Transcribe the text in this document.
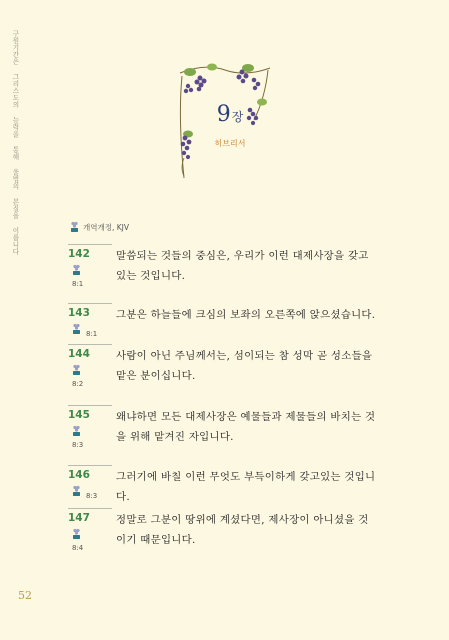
구원기간은 그리스도의 능력을 통해 율법의 본질을 이룹니다	9 장
히브리서
개역개정, KJV
142
8:1
말씀되는 것들의 중심은, 우리가 이런 대제사장을 갖고있는 것입니다.
143
8:1
그분은 하늘들에 크심의 보좌의 오른쪽에 앉으셨습니다.
144
8:2
사람이 아닌 주님께서는, 섬이되는 참 성막 곧 성소들을 맡은 분이십니다.
145
8:3
왜냐하면 모든 대제사장은 예물들과 제물들의 바치는 것을 위해 맡겨진 자입니다.
146
8:3
그러기에 바칠 이런 무엇도 부득이하게 갖고있는 것입니다.
147
8:4
정말로 그분이 땅위에 계셨다면, 제사장이 아니셨을 것이기 때문입니다.
52
